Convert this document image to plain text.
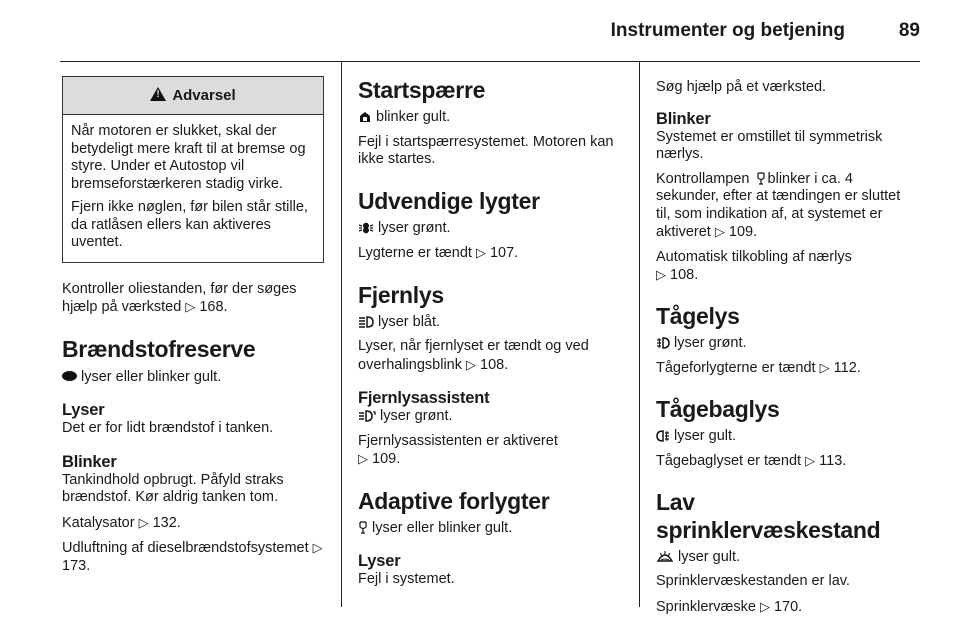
Instrumenter og betjening	89
!Advarsel

Når motoren er slukket, skal der betydeligt mere kraft til at bremse og styre. Under et Autostop vil bremseforstærkeren stadig virke.

Fjern ikke nøglen, før bilen står stille, da ratlåsen ellers kan aktiveres uventet.

Kontroller oliestanden, før der søges hjælp på værksted ▷ 168.

Brændstofreserve

lyser eller blinker gult.

Lyser

Det er for lidt brændstof i tanken.

Blinker

Tankindhold opbrugt. Påfyld straks brændstof. Kør aldrig tanken tom.

Katalysator ▷ 132.

Udluftning af dieselbrændstofsystemet ▷ 173.

Startspærre

blinker gult.

Fejl i startspærresystemet. Motoren kan ikke startes.

Udvendige lygter

lyser grønt.

Lygterne er tændt ▷ 107.

Fjernlys

lyser blåt.

Lyser, når fjernlyset er tændt og ved overhalingsblink ▷ 108.

Fjernlysassistent

lyser grønt.

Fjernlysassistenten er aktiveret

▷ 109.

Adaptive forlygter

lyser eller blinker gult.

Lyser

Fejl i systemet.

Søg hjælp på et værksted.

Blinker

Systemet er omstillet til symmetrisk nærlys.

Kontrollampen blinker i ca. 4 sekunder, efter at tændingen er sluttet til, som indikation af, at systemet er aktiveret ▷ 109.

Automatisk tilkobling af nærlys

▷ 108.

Tågelys

lyser grønt.

Tågeforlygterne er tændt ▷ 112.

Tågebaglys

lyser gult.

Tågebaglyset er tændt ▷ 113.

Lav sprinklervæskestand

lyser gult.

Sprinklervæskestanden er lav.

Sprinklervæske ▷ 170.
